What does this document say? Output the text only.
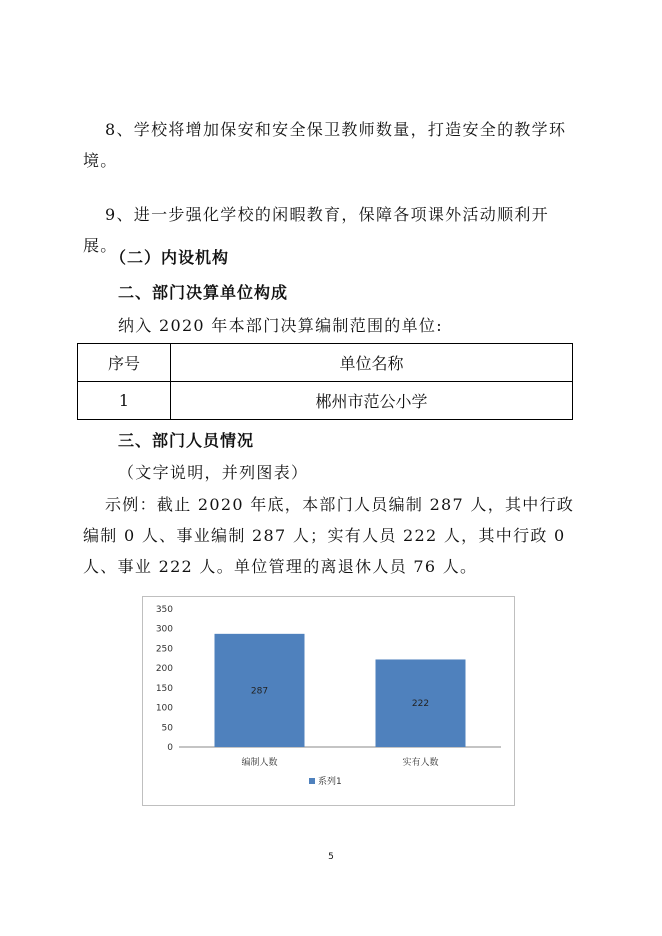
8、学校将增加保安和安全保卫教师数量，打造安全的教学环境。

9、进一步强化学校的闲暇教育，保障各项课外活动顺利开展。

（二）内设机构

二、部门决算单位构成

纳入 2020 年本部门决算编制范围的单位:

序号	单位名称
1	郴州市范公小学

三、部门人员情况

（文字说明，并列图表）

示例：截止 2020 年底，本部门人员编制 287 人，其中行政编制 0 人、事业编制 287 人；实有人员 222 人，其中行政 0 人、事业 222 人。单位管理的离退休人员 76 人。

0
50
100
150
200
250
300
350
287
编制人数
222
实有人数
系列1
5
